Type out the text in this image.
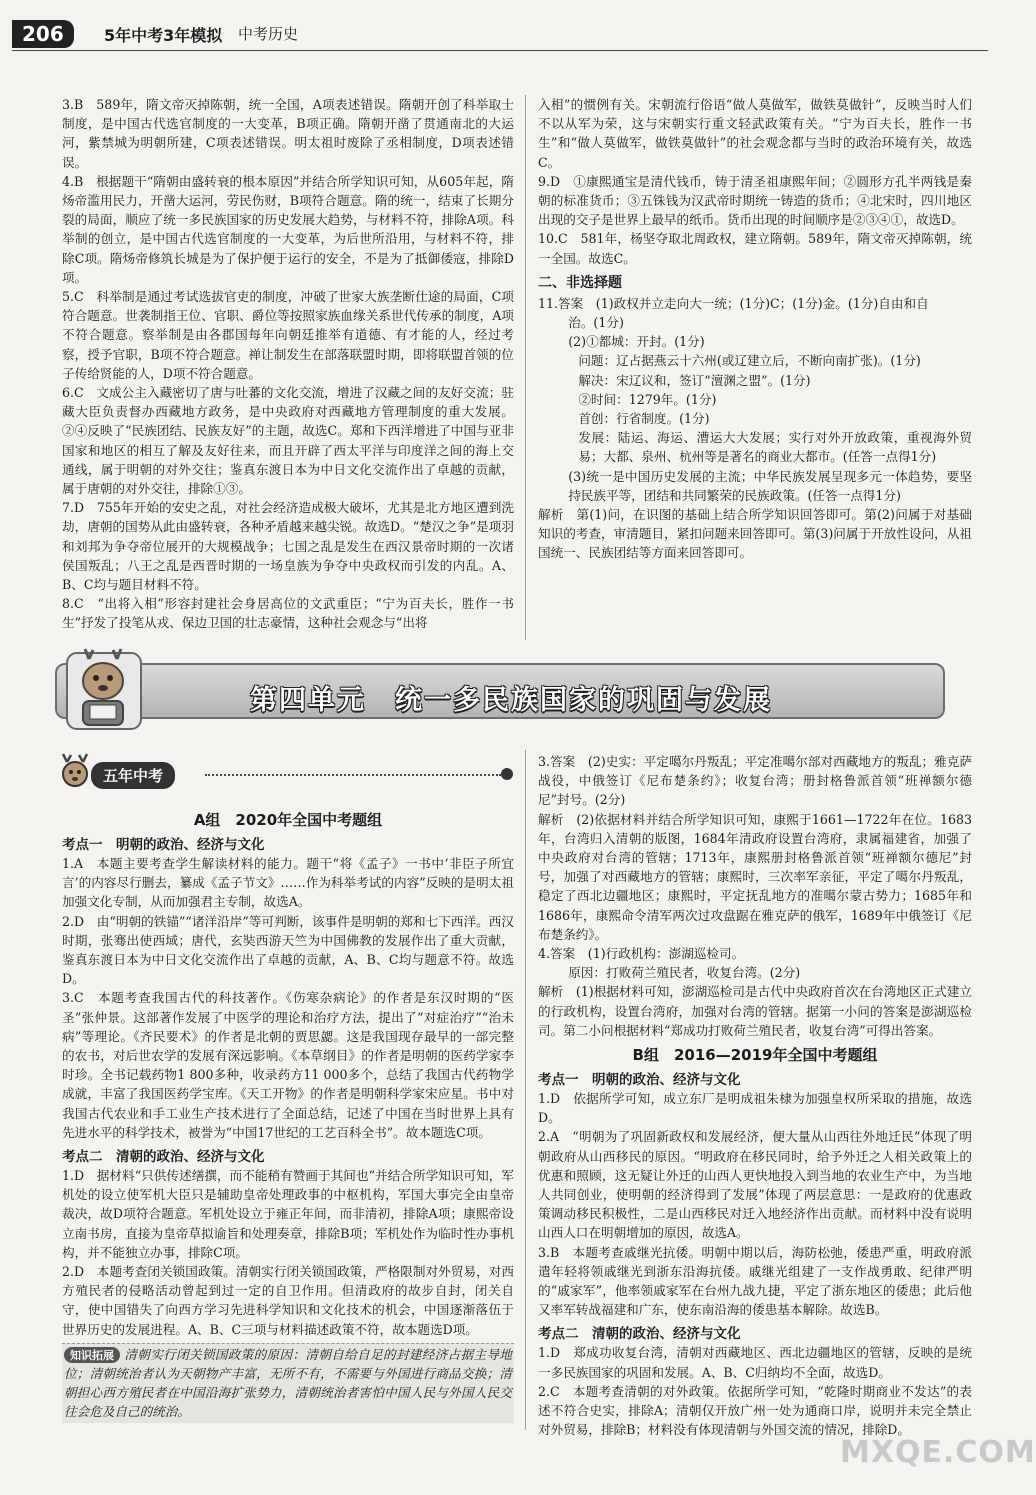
206	5年中考3年模拟 中考历史

3.B　589年，隋文帝灭掉陈朝，统一全国，A项表述错误。隋朝开创了科举取士制度，是中国古代选官制度的一大变革，B项正确。隋朝开凿了贯通南北的大运河，紫禁城为明朝所建，C项表述错误。明太祖时废除了丞相制度，D项表述错误。

4.B　根据题干“隋朝由盛转衰的根本原因”并结合所学知识可知，从605年起，隋炀帝滥用民力，开凿大运河，劳民伤财，B项符合题意。隋的统一，结束了长期分裂的局面，顺应了统一多民族国家的历史发展大趋势，与材料不符，排除A项。科举制的创立，是中国古代选官制度的一大变革，为后世所沿用，与材料不符，排除C项。隋炀帝修筑长城是为了保护便于运行的安全，不是为了抵御倭寇，排除D项。

5.C　科举制是通过考试选拔官吏的制度，冲破了世家大族垄断仕途的局面，C项符合题意。世袭制指王位、官职、爵位等按照家族血缘关系世代传承的制度，A项不符合题意。察举制是由各郡国每年向朝廷推举有道德、有才能的人，经过考察，授予官职，B项不符合题意。禅让制发生在部落联盟时期，即将联盟首领的位子传给贤能的人，D项不符合题意。

6.C　文成公主入藏密切了唐与吐蕃的文化交流，增进了汉藏之间的友好交流；驻藏大臣负责督办西藏地方政务，是中央政府对西藏地方管理制度的重大发展。②④反映了“民族团结、民族友好”的主题，故选C。郑和下西洋增进了中国与亚非国家和地区的相互了解及友好往来，而且开辟了西太平洋与印度洋之间的海上交通线，属于明朝的对外交往；鉴真东渡日本为中日文化交流作出了卓越的贡献，属于唐朝的对外交往，排除①③。

7.D　755年开始的安史之乱，对社会经济造成极大破坏，尤其是北方地区遭到洗劫，唐朝的国势从此由盛转衰，各种矛盾越来越尖锐。故选D。“楚汉之争”是项羽和刘邦为争夺帝位展开的大规模战争；七国之乱是发生在西汉景帝时期的一次诸侯国叛乱；八王之乱是西晋时期的一场皇族为争夺中央政权而引发的内乱。A、B、C均与题目材料不符。

8.C　“出将入相”形容封建社会身居高位的文武重臣；“宁为百夫长，胜作一书生”抒发了投笔从戎、保边卫国的壮志豪情，这种社会观念与“出将

入相”的惯例有关。宋朝流行俗语“做人莫做军，做铁莫做针”，反映当时人们不以从军为荣，这与宋朝实行重文轻武政策有关。“宁为百夫长，胜作一书生”和“做人莫做军，做铁莫做针”的社会观念都与当时的政治环境有关，故选C。

9.D　①康熙通宝是清代钱币，铸于清圣祖康熙年间；②圆形方孔半两钱是秦朝的标准货币；③五铢钱为汉武帝时期统一铸造的货币；④北宋时，四川地区出现的交子是世界上最早的纸币。货币出现的时间顺序是②③④①，故选D。

10.C　581年，杨坚夺取北周政权，建立隋朝。589年，隋文帝灭掉陈朝，统一全国。故选C。

二、非选择题

11.答案　(1)政权并立走向大一统；(1分)C；(1分)金。(1分)自由和自

治。(1分)

(2)①都城：开封。(1分)

问题：辽占据燕云十六州(或辽建立后，不断向南扩张)。(1分)

解决：宋辽议和，签订“澶渊之盟”。(1分)

②时间：1279年。(1分)

首创：行省制度。(1分)

发展：陆运、海运、漕运大大发展；实行对外开放政策，重视海外贸易；大都、泉州、杭州等是著名的商业大都市。(任答一点得1分)

(3)统一是中国历史发展的主流；中华民族发展呈现多元一体趋势，要坚持民族平等，团结和共同繁荣的民族政策。(任答一点得1分)

解析　第(1)问，在识图的基础上结合所学知识回答即可。第(2)问属于对基础知识的考查，审清题目，紧扣问题来回答即可。第(3)问属于开放性设问，从祖国统一、民族团结等方面来回答即可。

第四单元　统一多民族国家的巩固与发展
五年中考

A组　2020年全国中考题组

考点一　明朝的政治、经济与文化

1.A　本题主要考查学生解读材料的能力。题干“将《孟子》一书中‘非臣子所宜言’的内容尽行删去，纂成《孟子节文》……作为科举考试的内容”反映的是明太祖加强文化专制，从而加强君主专制，故选A。

2.D　由“明朝的铁锚”“诸洋沿岸”等可判断，该事件是明朝的郑和七下西洋。西汉时期，张骞出使西域；唐代，玄奘西游天竺为中国佛教的发展作出了重大贡献，鉴真东渡日本为中日文化交流作出了卓越的贡献，A、B、C均与题意不符。故选D。

3.C　本题考查我国古代的科技著作。《伤寒杂病论》的作者是东汉时期的“医圣”张仲景。这部著作发展了中医学的理论和治疗方法，提出了“对症治疗”“治未病”等理论。《齐民要术》的作者是北朝的贾思勰。这是我国现存最早的一部完整的农书，对后世农学的发展有深远影响。《本草纲目》的作者是明朝的医药学家李时珍。全书记载药物1 800多种，收录药方11 000多个，总结了我国古代药物学成就，丰富了我国医药学宝库。《天工开物》的作者是明朝科学家宋应星。书中对我国古代农业和手工业生产技术进行了全面总结，记述了中国在当时世界上具有先进水平的科学技术，被誉为“中国17世纪的工艺百科全书”。故本题选C项。

考点二　清朝的政治、经济与文化

1.D　据材料“只供传述缮撰，而不能稍有赞画于其间也”并结合所学知识可知，军机处的设立使军机大臣只是辅助皇帝处理政事的中枢机构，军国大事完全由皇帝裁决，故D项符合题意。军机处设立于雍正年间，而非清初，排除A项；康熙帝设立南书房，直接为皇帝草拟谕旨和处理奏章，排除B项；军机处作为临时性办事机构，并不能独立办事，排除C项。

2.D　本题考查闭关锁国政策。清朝实行闭关锁国政策，严格限制对外贸易，对西方殖民者的侵略活动曾起到过一定的自卫作用。但清政府的故步自封，闭关自守，使中国错失了向西方学习先进科学知识和文化技术的机会，中国逐渐落伍于世界历史的发展进程。A、B、C三项与材料描述政策不符，故本题选D项。

知识拓展 清朝实行闭关锁国政策的原因：清朝自给自足的封建经济占据主导地位；清朝统治者认为天朝物产丰富，无所不有，不需要与外国进行商品交换；清朝担心西方殖民者在中国沿海扩张势力，清朝统治者害怕中国人民与外国人民交往会危及自己的统治。

3.答案　(2)史实：平定噶尔丹叛乱；平定准噶尔部对西藏地方的叛乱；雅克萨战役，中俄签订《尼布楚条约》；收复台湾；册封格鲁派首领“班禅额尔德尼”封号。(2分)

解析　(2)依据材料并结合所学知识可知，康熙于1661—1722年在位。1683年，台湾归入清朝的版图，1684年清政府设置台湾府，隶属福建省，加强了中央政府对台湾的管辖；1713年，康熙册封格鲁派首领“班禅额尔德尼”封号，加强了对西藏地方的管辖；康熙时，三次率军亲征，平定了噶尔丹叛乱，稳定了西北边疆地区；康熙时，平定抚乱地方的准噶尔蒙古势力；1685年和1686年，康熙命令清军两次过攻盘踞在雅克萨的俄军，1689年中俄签订《尼布楚条约》。

4.答案　(1)行政机构：澎湖巡检司。

原因：打败荷兰殖民者，收复台湾。(2分)

解析　(1)根据材料可知，澎湖巡检司是古代中央政府首次在台湾地区正式建立的行政机构，设置台湾府，加强对台湾的管辖。据第一小问的答案是澎湖巡检司。第二小问根据材料“郑成功打败荷兰殖民者，收复台湾”可得出答案。

B组　2016—2019年全国中考题组

考点一　明朝的政治、经济与文化

1.D　依据所学可知，成立东厂是明成祖朱棣为加强皇权所采取的措施，故选D。

2.A　“明朝为了巩固新政权和发展经济，便大量从山西往外地迁民”体现了明朝政府从山西移民的原因。“明政府在移民同时，给予外迁之人相关政策上的优惠和照顾，这无疑让外迁的山西人更快地投入到当地的农业生产中，为当地人共同创业，使明朝的经济得到了发展”体现了两层意思：一是政府的优惠政策调动移民积极性，二是山西移民对迁入地经济作出贡献。而材料中没有说明山西人口在明朝增加的原因，故选A。

3.B　本题考查戚继光抗倭。明朝中期以后，海防松弛，倭患严重，明政府派遣年轻将领戚继光到浙东沿海抗倭。戚继光组建了一支作战勇敢、纪律严明的“戚家军”，他率领戚家军在台州九战九捷，平定了浙东地区的倭患；此后他又率军转战福建和广东，使东南沿海的倭患基本解除。故选B。

考点二　清朝的政治、经济与文化

1.D　郑成功收复台湾，清朝对西藏地区、西北边疆地区的管辖，反映的是统一多民族国家的巩固和发展。A、B、C归纳均不全面，故选D。

2.C　本题考查清朝的对外政策。依据所学可知，“乾隆时期商业不发达”的表述不符合史实，排除A；清朝仅开放广州一处为通商口岸，说明并未完全禁止对外贸易，排除B；材料没有体现清朝与外国交流的情况，排除D。

MXQE.COM
